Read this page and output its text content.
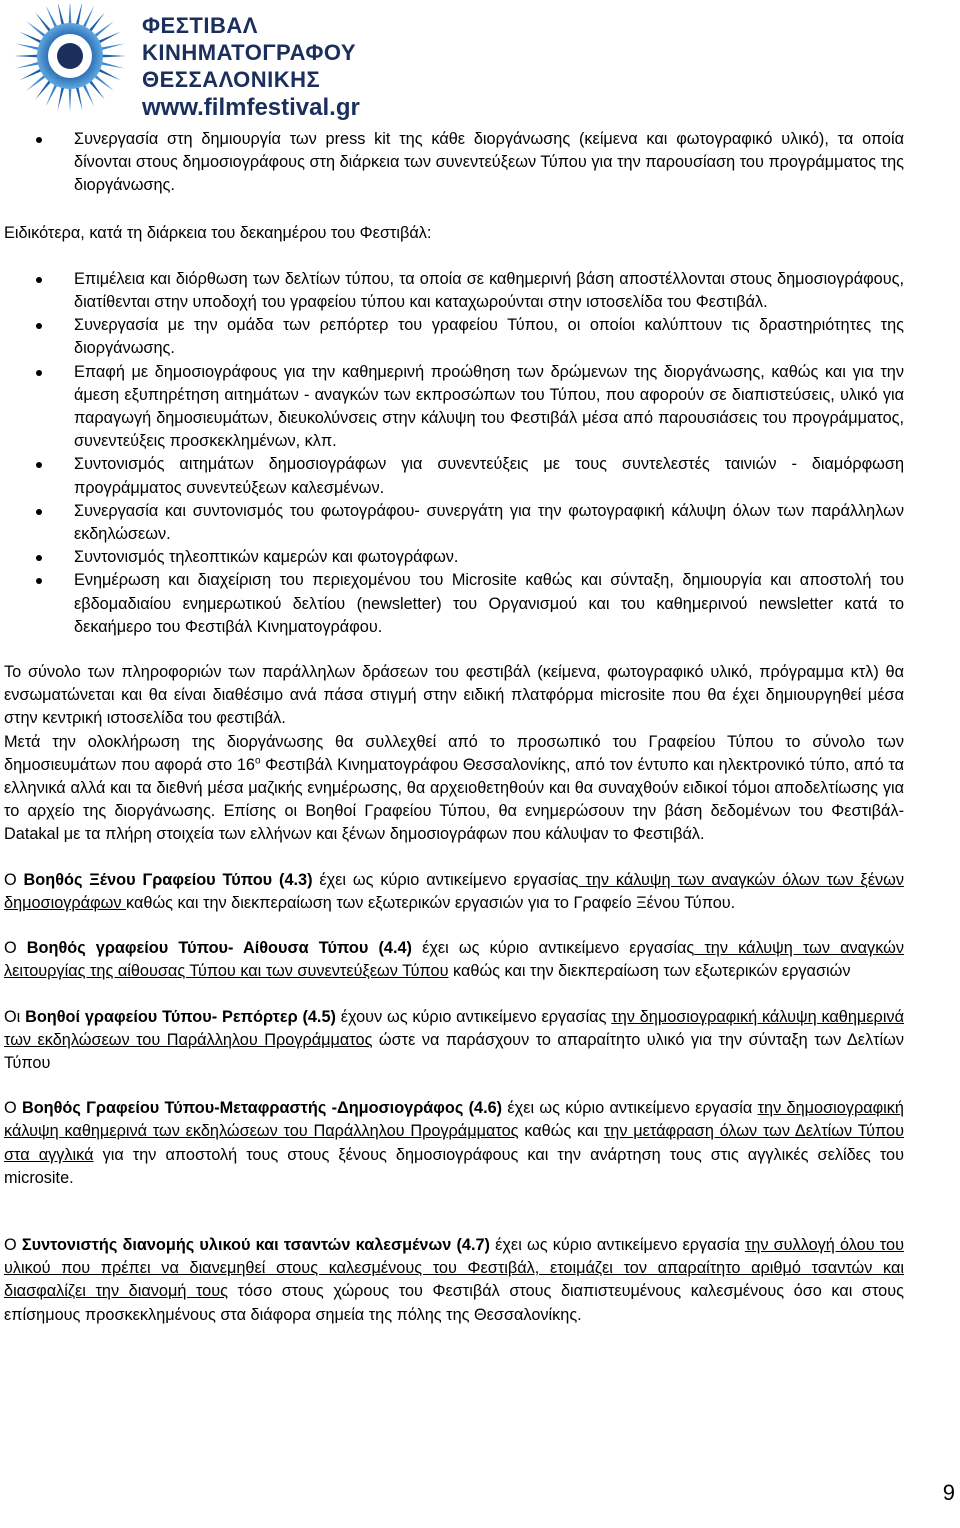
ΦΕΣΤΙΒΑΛ
ΚΙΝΗΜΑΤΟΓΡΑΦΟΥ
ΘΕΣΣΑΛΟΝΙΚΗΣ
www.filmfestival.gr
Συνεργασία στη δημιουργία των press kit της κάθε διοργάνωσης (κείμενα και φωτογραφικό υλικό), τα οποία δίνονται στους δημοσιογράφους στη διάρκεια των συνεντεύξεων Τύπου για την παρουσίαση του προγράμματος της διοργάνωσης.

Ειδικότερα, κατά τη διάρκεια του δεκαημέρου του Φεστιβάλ:

Επιμέλεια και διόρθωση των δελτίων τύπου, τα οποία σε καθημερινή βάση αποστέλλονται στους δημοσιογράφους, διατίθενται στην υποδοχή του γραφείου τύπου και καταχωρούνται στην ιστοσελίδα του Φεστιβάλ.
Συνεργασία με την ομάδα των ρεπόρτερ του γραφείου Τύπου, οι οποίοι καλύπτουν τις δραστηριότητες της διοργάνωσης.
Επαφή με δημοσιογράφους για την καθημερινή προώθηση των δρώμενων της διοργάνωσης, καθώς και για την άμεση εξυπηρέτηση αιτημάτων - αναγκών των εκπροσώπων του Τύπου, που αφορούν σε διαπιστεύσεις, υλικό για παραγωγή δημοσιευμάτων, διευκολύνσεις στην κάλυψη του Φεστιβάλ μέσα από παρουσιάσεις του προγράμματος, συνεντεύξεις προσκεκλημένων, κλπ.
Συντονισμός αιτημάτων δημοσιογράφων για συνεντεύξεις με τους συντελεστές ταινιών - διαμόρφωση προγράμματος συνεντεύξεων καλεσμένων.
Συνεργασία και συντονισμός του φωτογράφου- συνεργάτη για την φωτογραφική κάλυψη όλων των παράλληλων εκδηλώσεων.
Συντονισμός τηλεοπτικών καμερών και φωτογράφων.
Ενημέρωση και διαχείριση του περιεχομένου του Microsite καθώς και σύνταξη, δημιουργία και αποστολή του εβδομαδιαίου ενημερωτικού δελτίου (newsletter) του Οργανισμού και του καθημερινού newsletter κατά το δεκαήμερο του Φεστιβάλ Κινηματογράφου.

Το σύνολο των πληροφοριών των παράλληλων δράσεων του φεστιβάλ (κείμενα, φωτογραφικό υλικό, πρόγραμμα κτλ) θα ενσωματώνεται και θα είναι διαθέσιμο ανά πάσα στιγμή στην ειδική πλατφόρμα microsite που θα έχει δημιουργηθεί μέσα στην κεντρική ιστοσελίδα του φεστιβάλ.

Μετά την ολοκλήρωση της διοργάνωσης θα συλλεχθεί από το προσωπικό του Γραφείου Τύπου το σύνολο των δημοσιευμάτων που αφορά στο $16^o$ Φεστιβάλ Κινηματογράφου Θεσσαλονίκης, από τον έντυπο και ηλεκτρονικό τύπο, από τα ελληνικά αλλά και τα διεθνή μέσα μαζικής ενημέρωσης, θα αρχειοθετηθούν και θα συναχθούν ειδικοί τόμοι αποδελτίωσης για το αρχείο της διοργάνωσης. Επίσης οι Βοηθοί Γραφείου Τύπου, θα ενημερώσουν την βάση δεδομένων του Φεστιβάλ- Datakal με τα πλήρη στοιχεία των ελλήνων και ξένων δημοσιογράφων που κάλυψαν το Φεστιβάλ.

Ο Βοηθός Ξένου Γραφείου Τύπου (4.3) έχει ως κύριο αντικείμενο εργασίας την κάλυψη των αναγκών όλων των ξένων δημοσιογράφων καθώς και την διεκπεραίωση των εξωτερικών εργασιών για το Γραφείο Ξένου Τύπου.

Ο Βοηθός γραφείου Τύπου- Αίθουσα Τύπου (4.4) έχει ως κύριο αντικείμενο εργασίας την κάλυψη των αναγκών λειτουργίας της αίθουσας Τύπου και των συνεντεύξεων Τύπου καθώς και την διεκπεραίωση των εξωτερικών εργασιών

Οι Βοηθοί γραφείου Τύπου- Ρεπόρτερ (4.5) έχουν ως κύριο αντικείμενο εργασίας την δημοσιογραφική κάλυψη καθημερινά των εκδηλώσεων του Παράλληλου Προγράμματος ώστε να παράσχουν το απαραίτητο υλικό για την σύνταξη των Δελτίων Τύπου

Ο Βοηθός Γραφείου Τύπου-Μεταφραστής -Δημοσιογράφος (4.6) έχει ως κύριο αντικείμενο εργασία την δημοσιογραφική κάλυψη καθημερινά των εκδηλώσεων του Παράλληλου Προγράμματος καθώς και την μετάφραση όλων των Δελτίων Τύπου στα αγγλικά για την αποστολή τους στους ξένους δημοσιογράφους και την ανάρτηση τους στις αγγλικές σελίδες του microsite.

Ο Συντονιστής διανομής υλικού και τσαντών καλεσμένων (4.7) έχει ως κύριο αντικείμενο εργασία την συλλογή όλου του υλικού που πρέπει να διανεμηθεί στους καλεσμένους του Φεστιβάλ, ετοιμάζει τον απαραίτητο αριθμό τσαντών και διασφαλίζει την διανομή τους τόσο στους χώρους του Φεστιβάλ στους διαπιστευμένους καλεσμένους όσο και στους επίσημους προσκεκλημένους στα διάφορα σημεία της πόλης της Θεσσαλονίκης.

9
